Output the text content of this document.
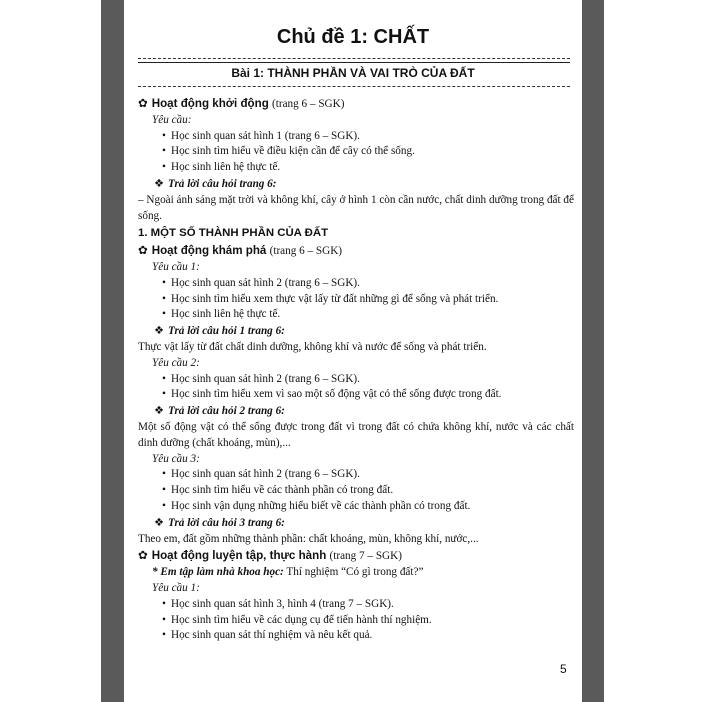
Chủ đề 1: CHẤT
Bài 1: THÀNH PHẦN VÀ VAI TRÒ CỦA ĐẤT
✿ Hoạt động khởi động (trang 6 – SGK)
Yêu cầu:
• Học sinh quan sát hình 1 (trang 6 – SGK).
• Học sinh tìm hiểu về điều kiện cần để cây có thể sống.
• Học sinh liên hệ thực tế.
❖ Trả lời câu hỏi trang 6:
– Ngoài ánh sáng mặt trời và không khí, cây ở hình 1 còn cần nước, chất dinh dưỡng trong đất để sống.
1. MỘT SỐ THÀNH PHẦN CỦA ĐẤT
✿ Hoạt động khám phá (trang 6 – SGK)
Yêu cầu 1:
• Học sinh quan sát hình 2 (trang 6 – SGK).
• Học sinh tìm hiểu xem thực vật lấy từ đất những gì để sống và phát triển.
• Học sinh liên hệ thực tế.
❖ Trả lời câu hỏi 1 trang 6:
Thực vật lấy từ đất chất dinh dưỡng, không khí và nước để sống và phát triển.
Yêu cầu 2:
• Học sinh quan sát hình 2 (trang 6 – SGK).
• Học sinh tìm hiểu xem vì sao một số động vật có thể sống được trong đất.
❖ Trả lời câu hỏi 2 trang 6:
Một số động vật có thể sống được trong đất vì trong đất có chứa không khí, nước và các chất dinh dưỡng (chất khoáng, mùn),...
Yêu cầu 3:
• Học sinh quan sát hình 2 (trang 6 – SGK).
• Học sinh tìm hiểu về các thành phần có trong đất.
• Học sinh vận dụng những hiểu biết về các thành phần có trong đất.
❖ Trả lời câu hỏi 3 trang 6:
Theo em, đất gồm những thành phần: chất khoáng, mùn, không khí, nước,...
✿ Hoạt động luyện tập, thực hành (trang 7 – SGK)
* Em tập làm nhà khoa học: Thí nghiệm “Có gì trong đất?”
Yêu cầu 1:
• Học sinh quan sát hình 3, hình 4 (trang 7 – SGK).
• Học sinh tìm hiểu về các dụng cụ để tiến hành thí nghiệm.
• Học sinh quan sát thí nghiệm và nêu kết quả.
5
